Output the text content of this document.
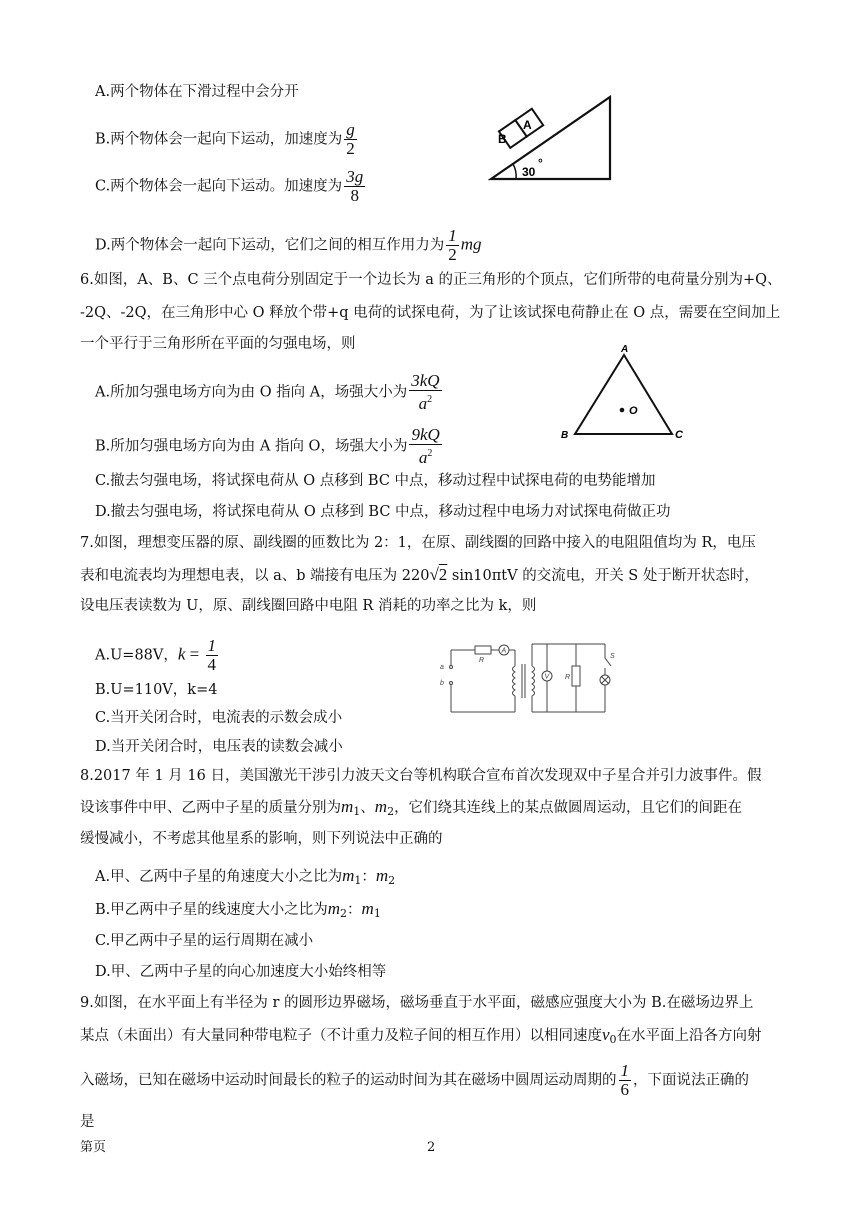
A.两个物体在下滑过程中会分开
B.两个物体会一起向下运动，加速度为 $\frac{g}{2}$
C.两个物体会一起向下运动。加速度为 $\frac{3g}{8}$
D.两个物体会一起向下运动，它们之间的相互作用力为 $\frac{1}{2}$ mg
A
B
30
°
6.如图，A、B、C 三个点电荷分别固定于一个边长为 a 的正三角形的个顶点，它们所带的电荷量分别为+Q、
-2Q、-2Q，在三角形中心 O 释放个带+q 电荷的试探电荷，为了让该试探电荷静止在 O 点，需要在空间加上
一个平行于三角形所在平面的匀强电场，则
A.所加匀强电场方向为由 O 指向 A，场强大小为 $\frac{3kQ}{a^2}$
B.所加匀强电场方向为由 A 指向 O，场强大小为 $\frac{9kQ}{a^2}$
C.撤去匀强电场，将试探电荷从 O 点移到 BC 中点，移动过程中试探电荷的电势能增加
D.撤去匀强电场，将试探电荷从 O 点移到 BC 中点，移动过程中电场力对试探电荷做正功
A
B	C
O
7.如图，理想变压器的原、副线圈的匝数比为 2：1，在原、副线圈的回路中接入的电阻阻值均为 R，电压
表和电流表均为理想电表，以 a、b 端接有电压为 220√2 sin10πtV 的交流电，开关 S 处于断开状态时，
设电压表读数为 U，原、副线圈回路中电阻 R 消耗的功率之比为 k，则
A.U=88V，$k = \frac{1}{4}$
B.U=110V，k=4
C.当开关闭合时，电流表的示数会成小
D.当开关闭合时，电压表的读数会减小
R
A
V R
S
a
b
8.2017 年 1 月 16 日，美国激光干涉引力波天文台等机构联合宣布首次发现双中子星合并引力波事件。假
设该事件中甲、乙两中子星的质量分别为$m_1$、$m_2$，它们绕其连线上的某点做圆周运动，且它们的间距在
缓慢减小，不考虑其他星系的影响，则下列说法中正确的
A.甲、乙两中子星的角速度大小之比为$m_1$：$m_2$
B.甲乙两中子星的线速度大小之比为$m_2$：$m_1$
C.甲乙两中子星的运行周期在减小
D.甲、乙两中子星的向心加速度大小始终相等
9.如图，在水平面上有半径为 r 的圆形边界磁场，磁场垂直于水平面，磁感应强度大小为 B.在磁场边界上
某点（未面出）有大量同种带电粒子（不计重力及粒子间的相互作用）以相同速度$v_0$在水平面上沿各方向射
入磁场，已知在磁场中运动时间最长的粒子的运动时间为其在磁场中圆周运动周期的 $\frac{1}{6}$ ，下面说法正确的
是
第页	2
